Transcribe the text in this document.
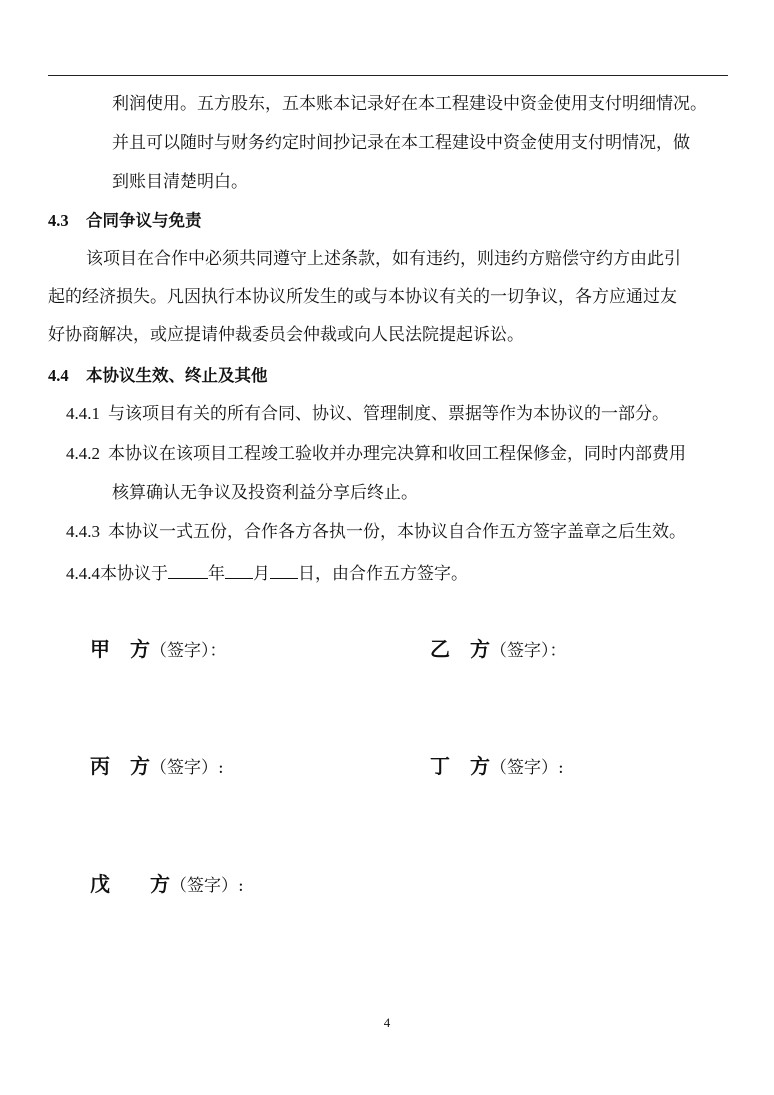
利润使用。五方股东，五本账本记录好在本工程建设中资金使用支付明细情况。
并且可以随时与财务约定时间抄记录在本工程建设中资金使用支付明情况，做
到账目清楚明白。
4.3 合同争议与免责
该项目在合作中必须共同遵守上述条款，如有违约，则违约方赔偿守约方由此引
起的经济损失。凡因执行本协议所发生的或与本协议有关的一切争议，各方应通过友
好协商解决，或应提请仲裁委员会仲裁或向人民法院提起诉讼。
4.4 本协议生效、终止及其他
4.4.1 与该项目有关的所有合同、协议、管理制度、票据等作为本协议的一部分。
4.4.2 本协议在该项目工程竣工验收并办理完决算和收回工程保修金，同时内部费用
核算确认无争议及投资利益分享后终止。
4.4.3 本协议一式五份，合作各方各执一份，本协议自合作五方签字盖章之后生效。
4.4.4本协议于 年 月 日，由合作五方签字。
甲　方（签字）：	乙　方（签字）：
丙　方（签字）:	丁　方（签字）:
戊　　方（签字）:
4
